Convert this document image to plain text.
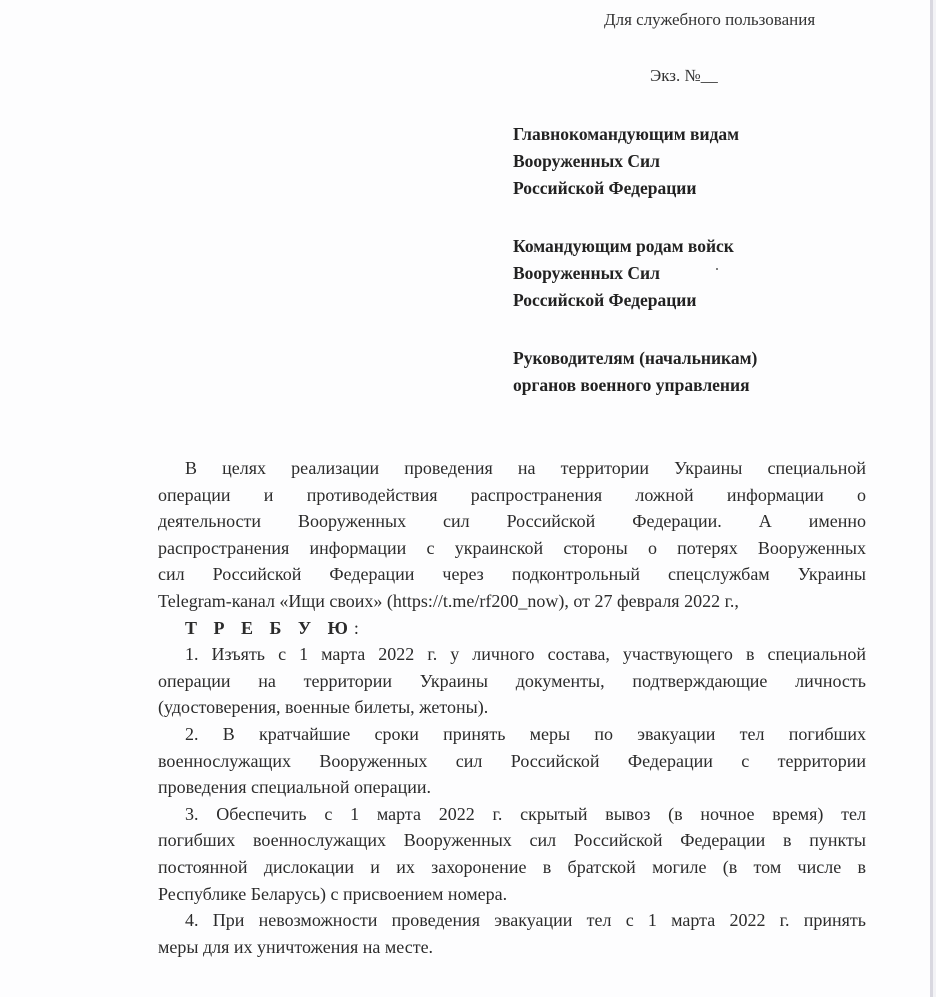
Для служебного пользования
Экз. №__
Главнокомандующим видам
Вооруженных Сил
Российской Федерации
Командующим родам войск
Вооруженных Сил
Российской Федерации
Руководителям (начальникам)
органов военного управления
В целях реализации проведения на территории Украины специальной
операции и противодействия распространения ложной информации о
деятельности Вооруженных сил Российской Федерации. А именно
распространения информации с украинской стороны о потерях Вооруженных
сил Российской Федерации через подконтрольный спецслужбам Украины
Telegram-канал «Ищи своих» (https://t.me/rf200_now), от 27 февраля 2022 г.,
Т Р Е Б У Ю:
1. Изъять с 1 марта 2022 г. у личного состава, участвующего в специальной
операции на территории Украины документы, подтверждающие личность
(удостоверения, военные билеты, жетоны).
2. В кратчайшие сроки принять меры по эвакуации тел погибших
военнослужащих Вооруженных сил Российской Федерации с территории
проведения специальной операции.
3. Обеспечить с 1 марта 2022 г. скрытый вывоз (в ночное время) тел
погибших военнослужащих Вооруженных сил Российской Федерации в пункты
постоянной дислокации и их захоронение в братской могиле (в том числе в
Республике Беларусь) с присвоением номера.
4. При невозможности проведения эвакуации тел с 1 марта 2022 г. принять
меры для их уничтожения на месте.
